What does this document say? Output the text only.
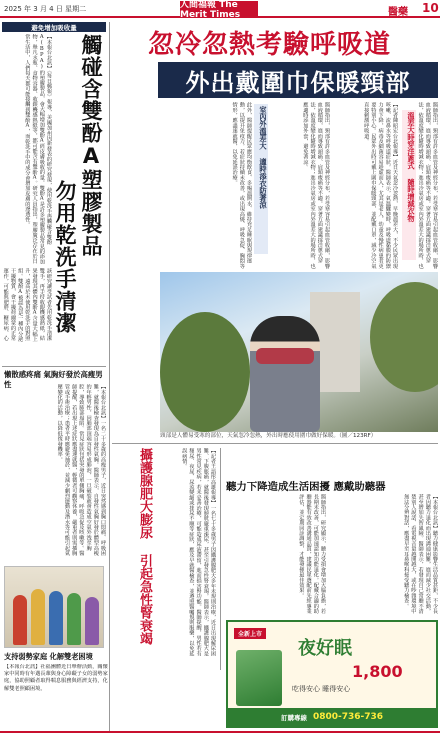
2025 年 3 月 4 日 星期二	人間福報 The Merit Times	醫藥 10
避免增加吸收量
觸碰含雙酚A塑膠製品
勿用乾洗手清潔
【本報台北訊】《每日郵報》報導，美國加州因新發表的研究發現，使用乾洗手再觸碰含雙酚A(BPA)的塑膠製品，會大幅增加雙酚A經皮膚吸收的量。雙酚A是許多塑膠製品常見的添加物，舉凡水瓶、食物容器、收銀機感熱紙等，都可能含有雙酚A。研究人員指出，塑膠廣泛存在於日常生活中，人們每天都可能接觸到雙酚A，而乾洗手中的成分會增加皮膚的滲透性。
該研究讓受試者先用乾洗手清潔雙手，再手持收銀機感熱紙，結果發現其體內雙酚A含量大幅上升，遠高於未使用乾洗手的對照組。雙酚A被認為是一種內分泌干擾物質，會干擾荷爾蒙的正常運作，可能與肥胖、糖尿病、心
懶散感疼痛 氣胸好發於高瘦男性	【本報台北訊】一名二十多歲的高瘦男子，近日突然感到胸口悶痛、呼吸困難，就醫後檢查發現為自發性氣胸。醫師表示，自發性氣胸好發於體型高瘦的年輕男性，因肺部頂端容易形成肺泡，一旦破裂就會造成空氣外洩至胸腔，導致肺部塌陷。常見症狀包括突發的單側胸痛、呼吸急促及咳嗽等。醫師提醒，若出現上述症狀應盡速就醫，輕微者可觀察休養，嚴重者則需插胸管或手術治療；患者平時應避免抽菸，並減少劇烈運動及潛水等可能引起氣壓變化的活動，以降低復發機率。
支持弱勢家庭 化解雙老困境
【本報台北訊】社福團體近日舉辦活動，關懷家中同時有年邁長輩與身心障礙子女的弱勢家庭，協助照顧者取得喘息服務與經濟支持，化解雙老照顧困境。
忽冷忽熱考驗呼吸道
外出戴圍巾保暖頸部
【記者陳昭宏台北報導】近日天氣忽冷忽熱，早晚溫差大，不少民眾出現咳嗽、流鼻水等呼吸道症狀。醫師表示，氣溫驟變時，呼吸道黏膜的防禦力會下降，病毒及細菌容易趁虛而入，尤其是老人、幼童及慢性病患者更要特別小心。民眾外出時可戴上圍巾保暖頸部，並配戴口罩，減少冷空氣直接刺激呼吸道。	溫差大時穿洋蔥式 隨時增減衣物
醫師指出，頸部有許多血管及神經分布，若受寒容易引起血管收縮，影響血液循環，進而導致頭痛、肩頸痠痛等不適。穿著方面建議採洋蔥式穿法，依溫度變化隨時增減衣物；進出冷氣房或室內外溫差大的場所時，也
室內外溫差大 適時添衣防著涼	醫師指出，頸部有許多血管及神經分布，若受寒容易引起血管收縮，影響血液循環，進而導致頭痛、肩頸痠痛等不適。穿著方面建議採洋蔥式穿法，依溫度變化隨時增減衣物；進出冷氣房或室內外溫差大的場所時，也應適時添加外套，避免著涼。
此外，醫師提醒民眾應均衡飲食、多喝溫開水、維持充足睡眠與規律運動，以提升免疫力。若症狀持續未改善，或出現高燒、呼吸急促、胸悶等情形，應盡速就醫，以免延誤治療。
頸部是人體易受寒的部位，天氣忽冷忽熱，外出時應使用圍巾做好保暖。（圖／123RF）
攝護腺肥大膨尿 引起急性腎衰竭	【記者王語彤高雄報導】一名七十多歲男子因攝護腺肥大多年未規則治療，近日出現解尿困難、下腹脹痛，就醫後發現膀胱嚴重漲尿，甚至引發急性腎衰竭。醫師表示，攝護腺肥大是男性常見疾病，若未妥善治療，可能造成尿液滯留，進而損害腎功能。醫師提醒，男性若有頻尿、夜尿、尿流變細或排尿不順等症狀，應及早就醫檢查，並遵照醫囑規則服藥，以免延誤病情。
聽力下降造成生活困擾 應戴助聽器
【本報台北訊】聽力健康影響生活品質甚鉅，不少長者因聽力退化而出現溝通困難，進而減少社交活動，甚至增加失智風險。醫師表示，若發現自己常聽不清楚別人說話、看電視音量越開越大，或在吵雜環境中無法分辨對話，應盡早至耳鼻喉科接受聽力檢查。
醫師指出，研究顯示，聽力受損會增加大腦負擔，若長期未改善，可能加速認知功能退化。配戴合適的助聽器能有效改善溝通品質，建議民眾選配前先經專業評估，並定期回診調整，才能發揮最佳效果。
全新上市
夜好眠
1,800
吃得安心 睡得安心
訂購專線 0800-736-736
